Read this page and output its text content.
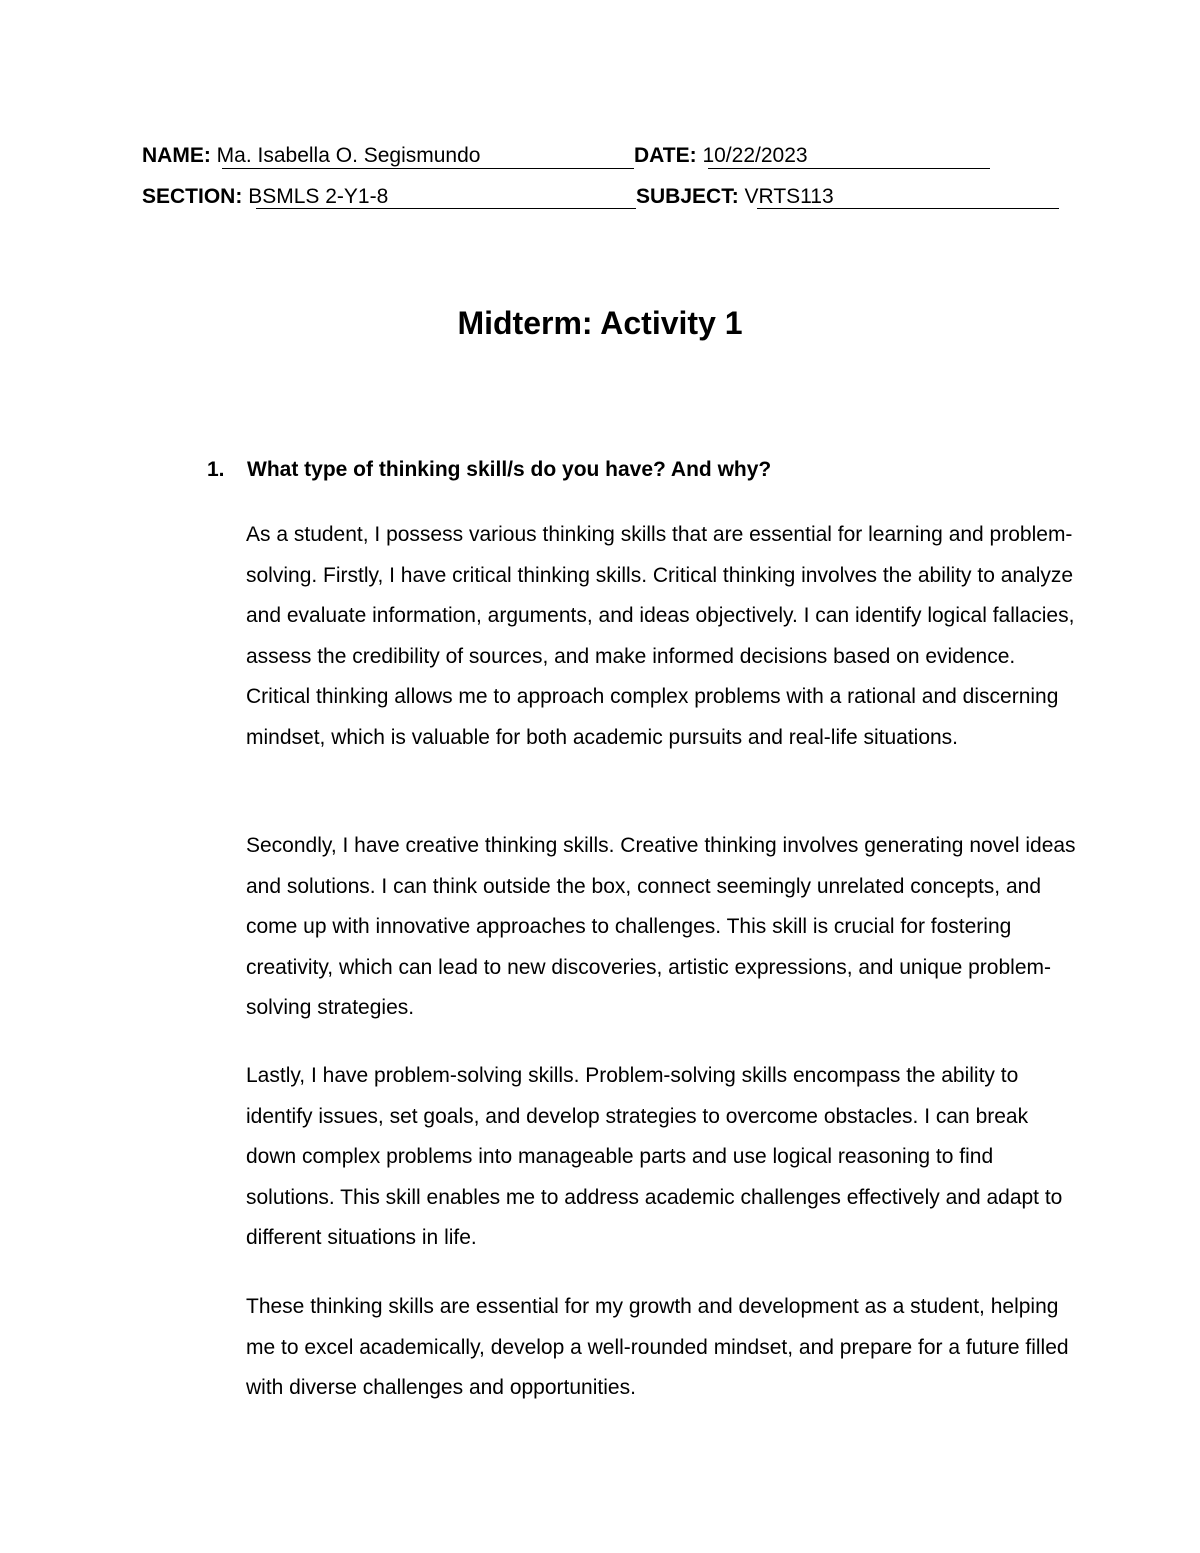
NAME: Ma. Isabella O. Segismundo	DATE: 10/22/2023
SECTION: BSMLS 2-Y1-8	SUBJECT: VRTS113
Midterm: Activity 1
1. What type of thinking skill/s do you have? And why?

As a student, I possess various thinking skills that are essential for learning and problem-solving. Firstly, I have critical thinking skills. Critical thinking involves the ability to analyze and evaluate information, arguments, and ideas objectively. I can identify logical fallacies, assess the credibility of sources, and make informed decisions based on evidence. Critical thinking allows me to approach complex problems with a rational and discerning mindset, which is valuable for both academic pursuits and real-life situations.

Secondly, I have creative thinking skills. Creative thinking involves generating novel ideas and solutions. I can think outside the box, connect seemingly unrelated concepts, and come up with innovative approaches to challenges. This skill is crucial for fostering creativity, which can lead to new discoveries, artistic expressions, and unique problem-solving strategies.

Lastly, I have problem-solving skills. Problem-solving skills encompass the ability to identify issues, set goals, and develop strategies to overcome obstacles. I can break down complex problems into manageable parts and use logical reasoning to find solutions. This skill enables me to address academic challenges effectively and adapt to different situations in life.

These thinking skills are essential for my growth and development as a student, helping me to excel academically, develop a well-rounded mindset, and prepare for a future filled with diverse challenges and opportunities.
